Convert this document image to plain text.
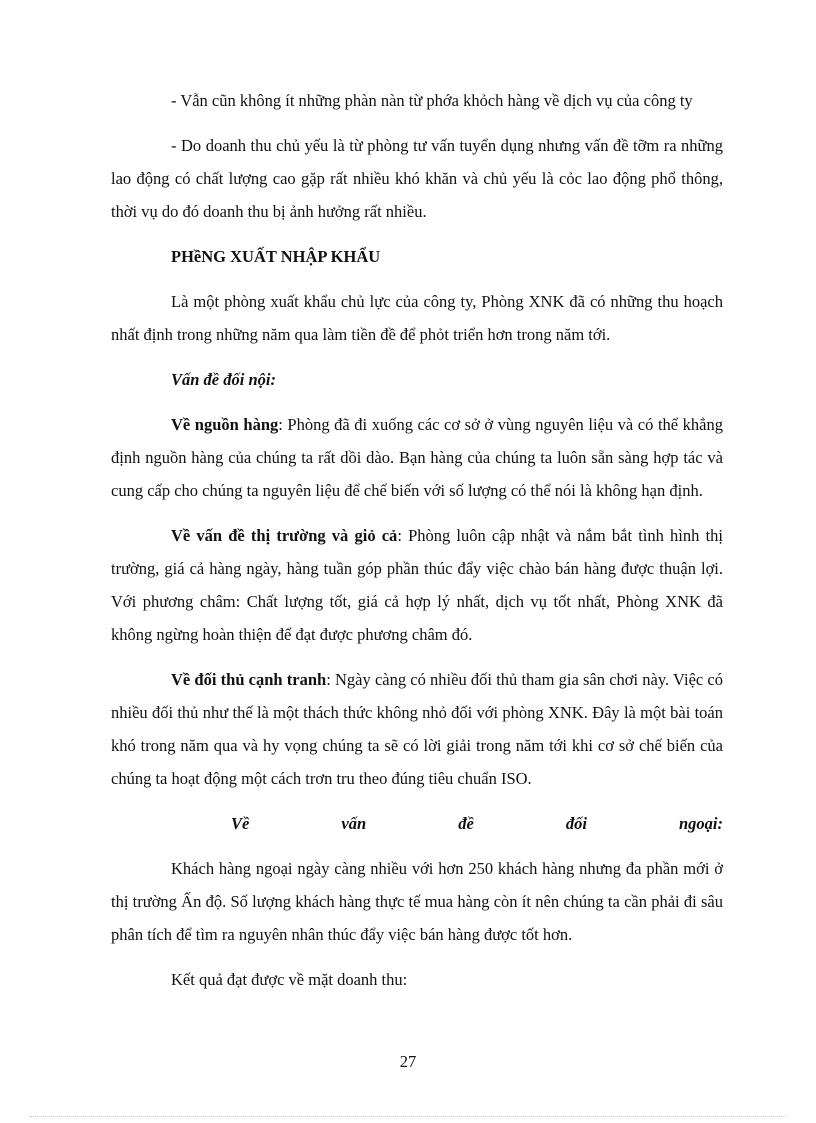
- Vẫn cũn không ít những phàn nàn từ phớa khỏch hàng về dịch vụ của công ty

- Do doanh thu chủ yếu là từ phòng tư vấn tuyển dụng nhưng vấn đề tỡm ra những lao động có chất lượng cao gặp rất nhiều khó khăn và chủ yếu là cỏc lao động phổ thông, thời vụ do đó doanh thu bị ảnh hưởng rất nhiều.

PHềNG XUẤT NHẬP KHẨU

Là một phòng xuất khẩu chủ lực của công ty, Phòng XNK đã có những thu hoạch nhất định trong những năm qua làm tiền đề để phỏt triển hơn trong năm tới.

Vấn đề đối nội:

Về nguồn hàng: Phòng đã đi xuống các cơ sở ở vùng nguyên liệu và có thể khẳng định nguồn hàng của chúng ta rất dồi dào. Bạn hàng của chúng ta luôn sẵn sàng hợp tác và cung cấp cho chúng ta nguyên liệu để chế biến với số lượng có thể nói là không hạn định.

Về vấn đề thị trường và giỏ cả: Phòng luôn cập nhật và nắm bắt tình hình thị trường, giá cả hàng ngày, hàng tuần góp phần thúc đẩy việc chào bán hàng được thuận lợi. Với phương châm: Chất lượng tốt, giá cả hợp lý nhất, dịch vụ tốt nhất, Phòng XNK đã không ngừng hoàn thiện để đạt được phương châm đó.

Về đối thủ cạnh tranh: Ngày càng có nhiều đối thủ tham gia sân chơi này. Việc có nhiều đối thủ như thế là một thách thức không nhỏ đối với phòng XNK. Đây là một bài toán khó trong năm qua và hy vọng chúng ta sẽ có lời giải trong năm tới khi cơ sở chế biến của chúng ta hoạt động một cách trơn tru theo đúng tiêu chuẩn ISO.

Về	vấn	đề	đối	ngoại:

Khách hàng ngoại ngày càng nhiều với hơn 250 khách hàng nhưng đa phần mới ở thị trường Ấn độ. Số lượng khách hàng thực tế mua hàng còn ít nên chúng ta cần phải đi sâu phân tích để tìm ra nguyên nhân thúc đẩy việc bán hàng được tốt hơn.

Kết quả đạt được về mặt doanh thu:

27
